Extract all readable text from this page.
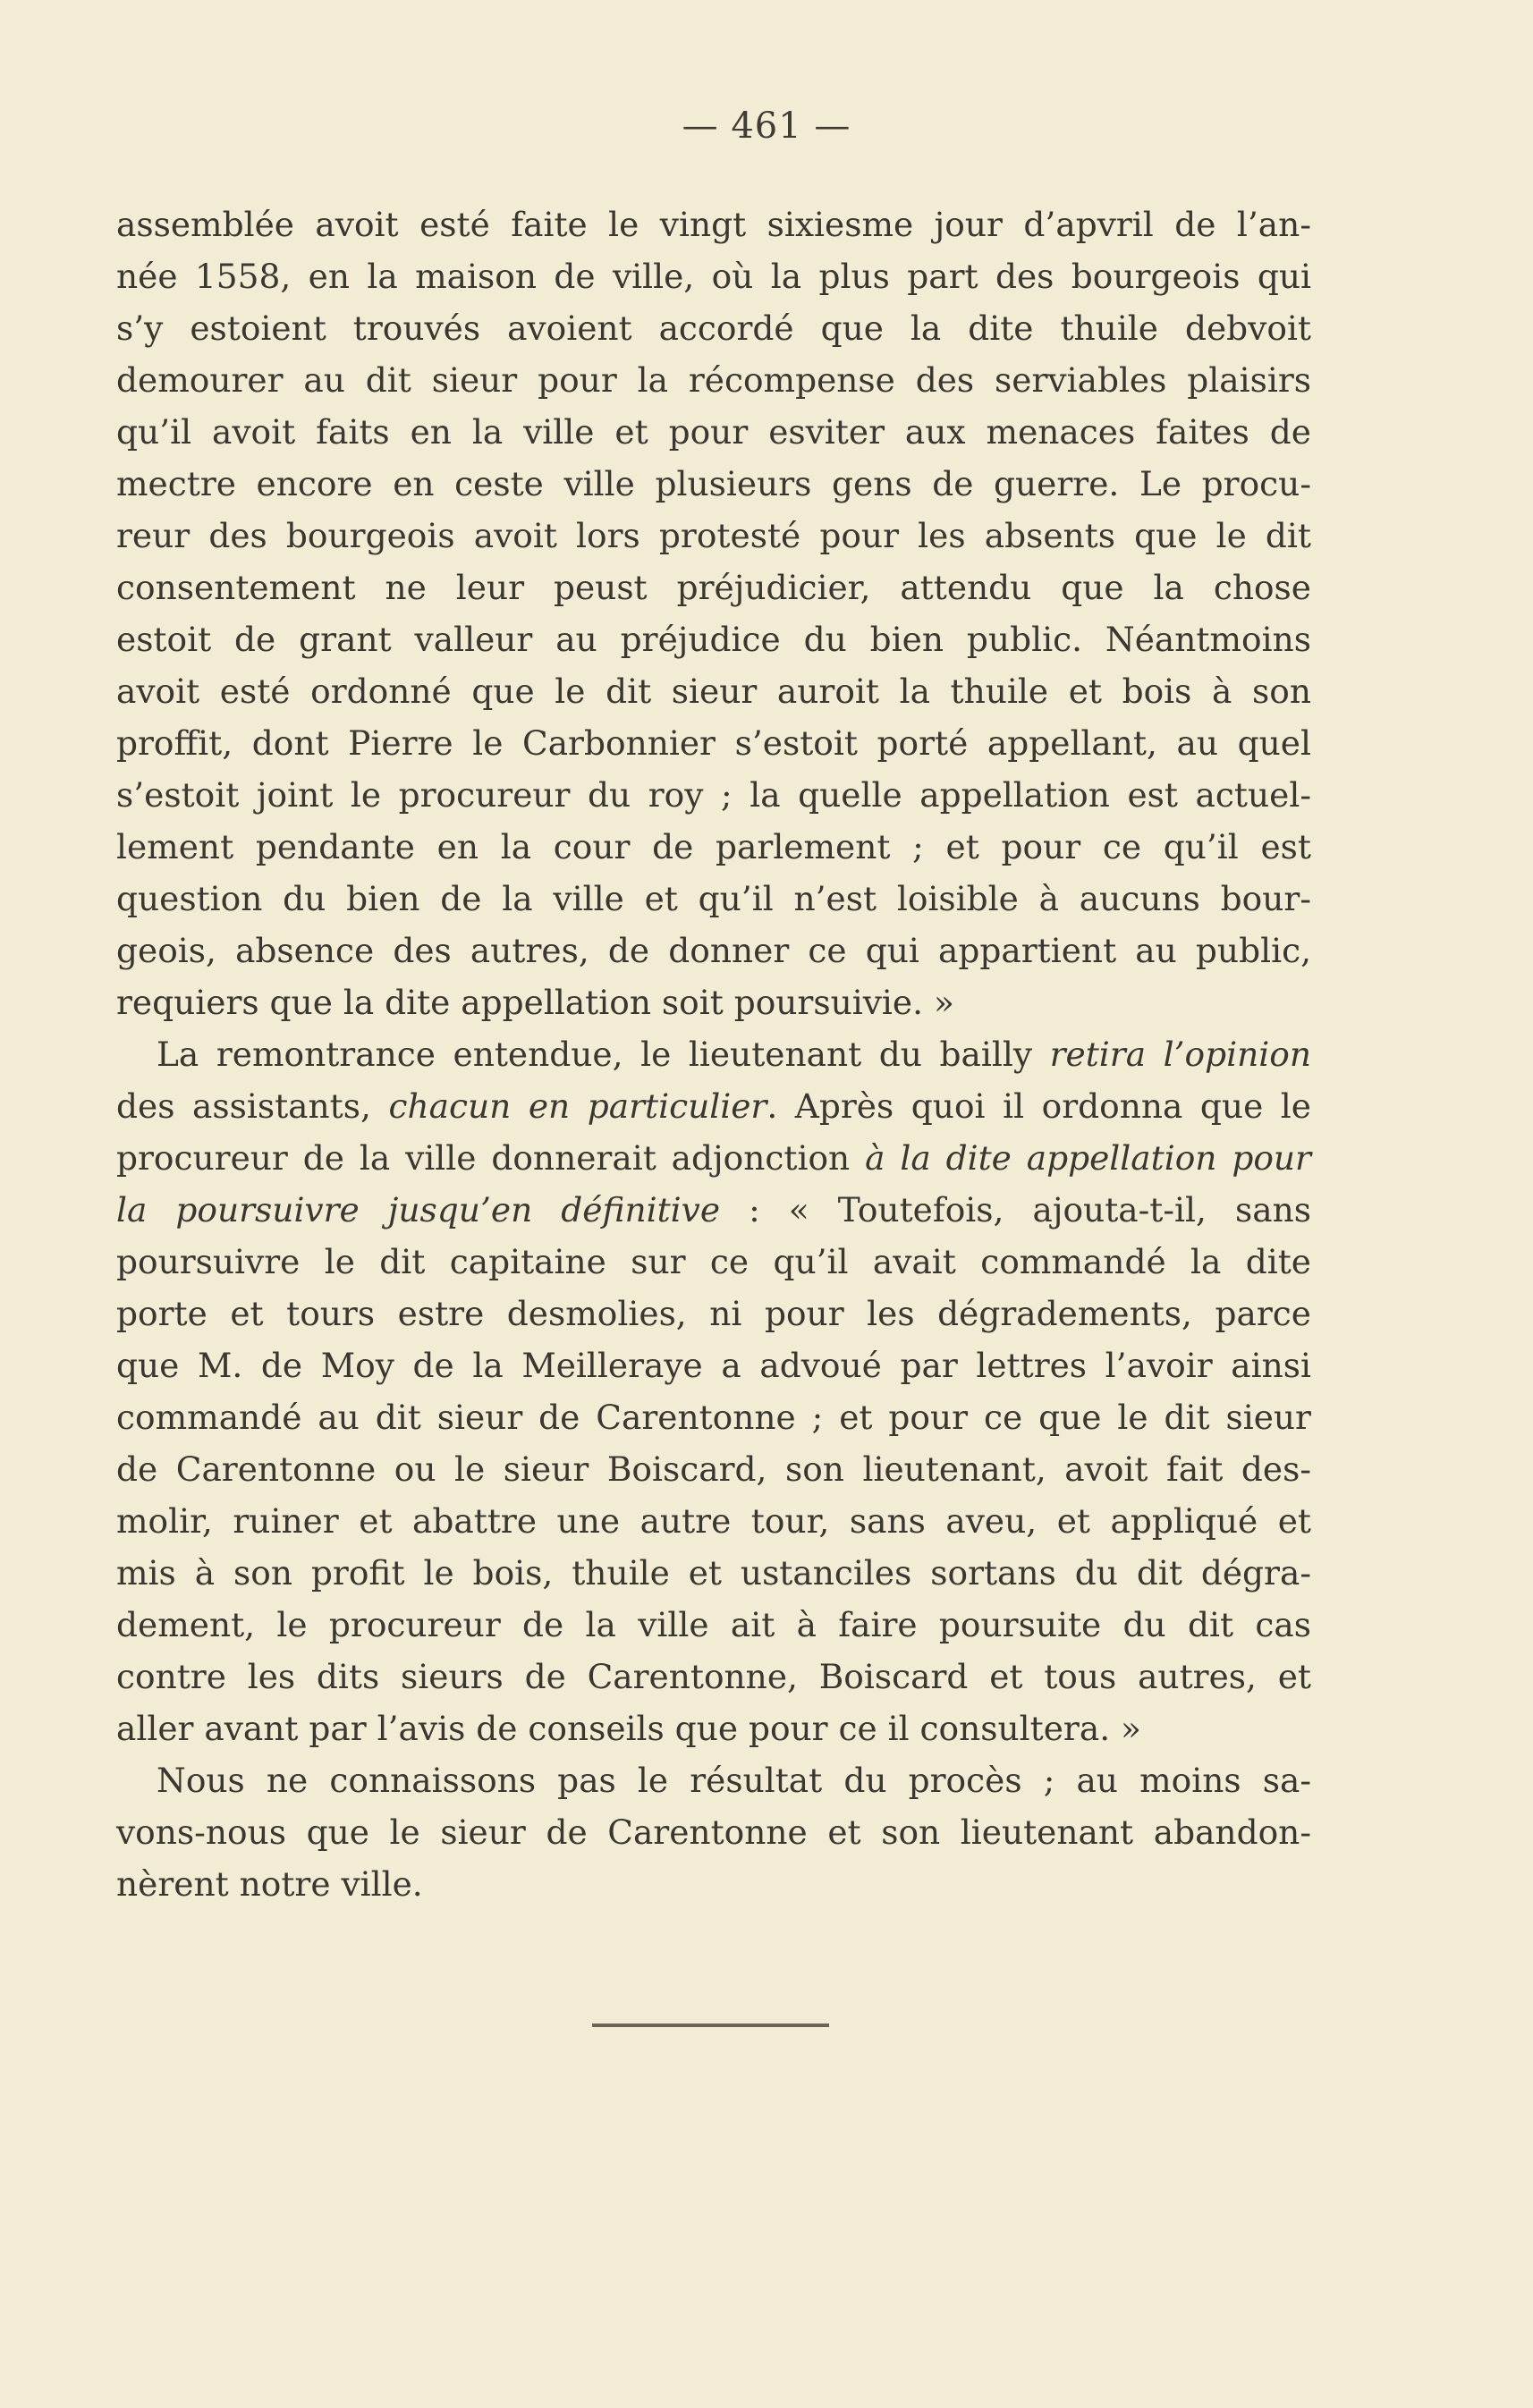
— 461 —
assemblée avoit esté faite le vingt sixiesme jour d’apvril de l’an-
née 1558, en la maison de ville, où la plus part des bourgeois qui
s’y estoient trouvés avoient accordé que la dite thuile debvoit
demourer au dit sieur pour la récompense des serviables plaisirs
qu’il avoit faits en la ville et pour esviter aux menaces faites de
mectre encore en ceste ville plusieurs gens de guerre. Le procu-
reur des bourgeois avoit lors protesté pour les absents que le dit
consentement ne leur peust préjudicier, attendu que la chose
estoit de grant valleur au préjudice du bien public. Néantmoins
avoit esté ordonné que le dit sieur auroit la thuile et bois à son
proffit, dont Pierre le Carbonnier s’estoit porté appellant, au quel
s’estoit joint le procureur du roy ; la quelle appellation est actuel-
lement pendante en la cour de parlement ; et pour ce qu’il est
question du bien de la ville et qu’il n’est loisible à aucuns bour-
geois, absence des autres, de donner ce qui appartient au public,
requiers que la dite appellation soit poursuivie. »
La remontrance entendue, le lieutenant du bailly retira l’opinion
des assistants, chacun en particulier. Après quoi il ordonna que le
procureur de la ville donnerait adjonction à la dite appellation pour
la poursuivre jusqu’en définitive : « Toutefois, ajouta-t-il, sans
poursuivre le dit capitaine sur ce qu’il avait commandé la dite
porte et tours estre desmolies, ni pour les dégradements, parce
que M. de Moy de la Meilleraye a advoué par lettres l’avoir ainsi
commandé au dit sieur de Carentonne ; et pour ce que le dit sieur
de Carentonne ou le sieur Boiscard, son lieutenant, avoit fait des-
molir, ruiner et abattre une autre tour, sans aveu, et appliqué et
mis à son profit le bois, thuile et ustanciles sortans du dit dégra-
dement, le procureur de la ville ait à faire poursuite du dit cas
contre les dits sieurs de Carentonne, Boiscard et tous autres, et
aller avant par l’avis de conseils que pour ce il consultera. »
Nous ne connaissons pas le résultat du procès ; au moins sa-
vons-nous que le sieur de Carentonne et son lieutenant abandon-
nèrent notre ville.
